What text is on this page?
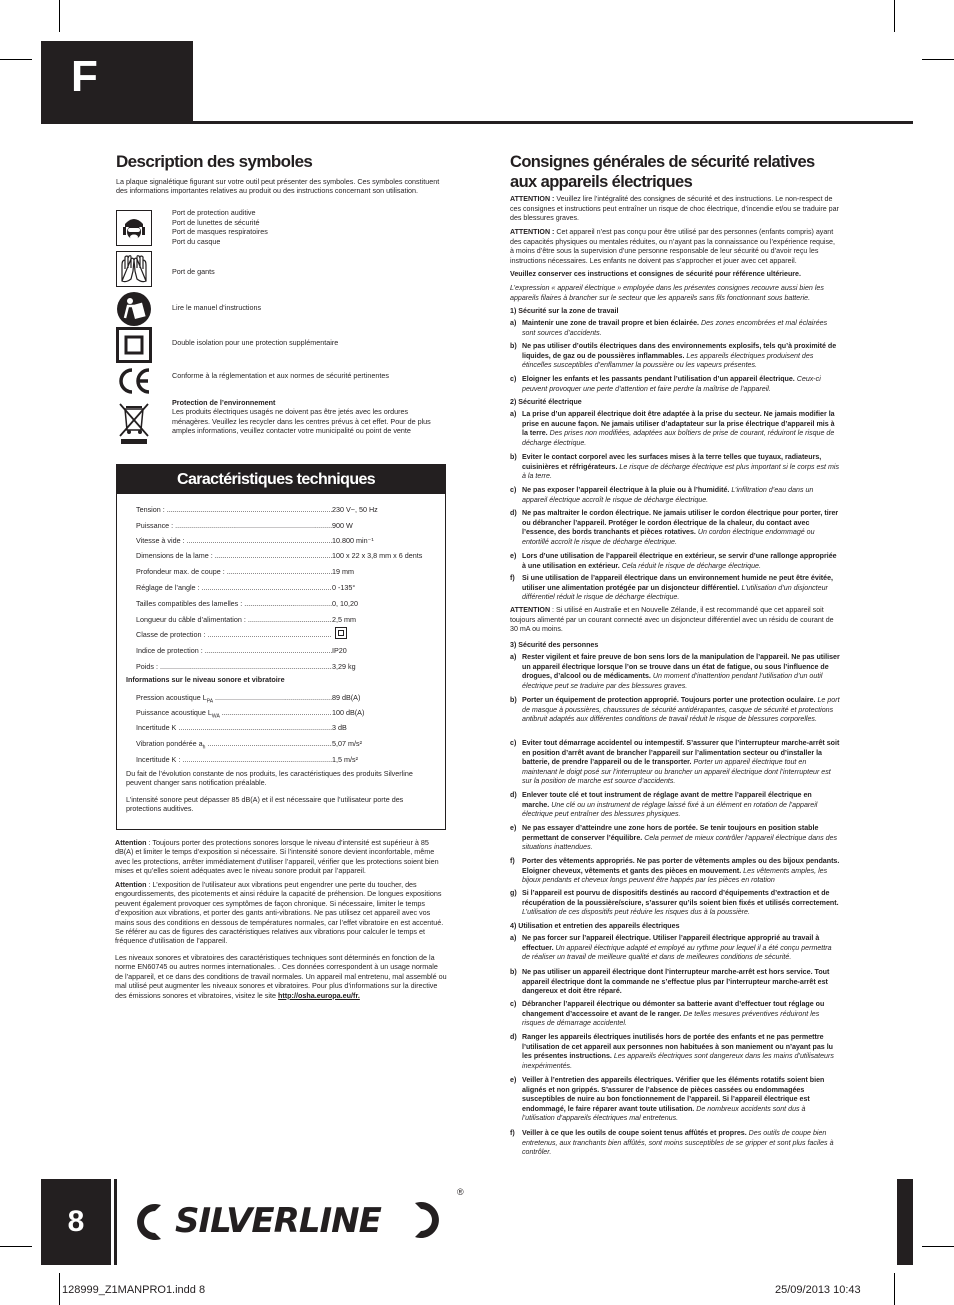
F
Description des symboles
La plaque signalétique figurant sur votre outil peut présenter des symboles. Ces symboles constituent des informations importantes relatives au produit ou des instructions concernant son utilisation.
Port de protection auditive
Port de lunettes de sécurité
Port de masques respiratoires
Port du casque
Port de gants
Lire le manuel d’instructions
Double isolation pour une protection supplémentaire
Conforme à la réglementation et aux normes de sécurité pertinentes
Protection de l’environnement
Les produits électriques usagés ne doivent pas être jetés avec les ordures ménagères. Veuillez les recycler dans les centres prévus à cet effet. Pour de plus amples informations, veuillez contacter votre municipalité ou point de vente
Caractéristiques techniques
Tension : .....	230 V~, 50 Hz
Puissance : .....	900 W
Vitesse à vide : .....	10.800 min⁻¹
Dimensions de la lame : .....	100 x 22 x 3,8 mm x 6 dents
Profondeur max. de coupe : .....	19 mm
Réglage de l’angle : .....	0 -135°
Tailles compatibles des lamelles : .....	0, 10,20
Longueur du câble d’alimentation : .....	2,5 mm
Classe de protection : .....
Indice de protection : .....	IP20
Poids : .....	3,29 kg
Informations sur le niveau sonore et vibratoire
Pression acoustique $L_{PA}$ .....	89 dB(A)
Puissance acoustique $L_{WA}$ .....	100 dB(A)
Incertitude K .....	3 dB
Vibration pondérée $a_h$ .....	5,07 m/s²
Incertitude K : .....	1,5 m/s²
Du fait de l’évolution constante de nos produits, les caractéristiques des produits Silverline peuvent changer sans notification préalable.
L’intensité sonore peut dépasser 85 dB(A) et il est nécessaire que l’utilisateur porte des protections auditives.
Attention : Toujours porter des protections sonores lorsque le niveau d’intensité est supérieur à 85 dB(A) et limiter le temps d’exposition si nécessaire. Si l’intensité sonore devient inconfortable, même avec les protections, arrêter immédiatement d’utiliser l’appareil, vérifier que les protections soient bien mises et qu’elles soient adéquates avec le niveau sonore produit par l’appareil.
Attention : L’exposition de l’utilisateur aux vibrations peut engendrer une perte du toucher, des engourdissements, des picotements et ainsi réduire la capacité de préhension. De longues expositions peuvent également provoquer ces symptômes de façon chronique. Si nécessaire, limiter le temps d’exposition aux vibrations, et porter des gants anti-vibrations. Ne pas utilisez cet appareil avec vos mains sous des conditions en dessous de températures normales, car l’effet vibratoire en est accentué. Se référer au cas de figures des caractéristiques relatives aux vibrations pour calculer le temps et fréquence d’utilisation de l’appareil.
Les niveaux sonores et vibratoires des caractéristiques techniques sont déterminés en fonction de la norme EN60745 ou autres normes internationales. . Ces données correspondent à un usage normale de l’appareil, et ce dans des conditions de travail normales. Un appareil mal entretenu, mal assemblé ou mal utilisé peut augmenter les niveaux sonores et vibratoires. Pour plus d’informations sur la directive des émissions sonores et vibratoires, visitez le site http://osha.europa.eu/fr.
Consignes générales de sécurité relatives aux appareils électriques
ATTENTION : Veuillez lire l’intégralité des consignes de sécurité et des instructions. Le non-respect de ces consignes et instructions peut entraîner un risque de choc électrique, d’incendie et/ou se traduire par des blessures graves.
ATTENTION : Cet appareil n’est pas conçu pour être utilisé par des personnes (enfants compris) ayant des capacités physiques ou mentales réduites, ou n’ayant pas la connaissance ou l’expérience requise, à moins d’être sous la supervision d’une personne responsable de leur sécurité ou d’avoir reçu les instructions nécessaires. Les enfants ne doivent pas s’approcher et jouer avec cet appareil.
Veuillez conserver ces instructions et consignes de sécurité pour référence ultérieure.
L’expression « appareil électrique » employée dans les présentes consignes recouvre aussi bien les appareils filaires à brancher sur le secteur que les appareils sans fils fonctionnant sous batterie.
1) Sécurité sur la zone de travail
a) Maintenir une zone de travail propre et bien éclairée. Des zones encombrées et mal éclairées sont sources d’accidents.
b) Ne pas utiliser d’outils électriques dans des environnements explosifs, tels qu’à proximité de liquides, de gaz ou de poussières inflammables. Les appareils électriques produisent des étincelles susceptibles d’enflammer la poussière ou les vapeurs présentes.
c) Eloigner les enfants et les passants pendant l’utilisation d’un appareil électrique. Ceux-ci peuvent provoquer une perte d’attention et faire perdre la maîtrise de l’appareil.
2) Sécurité électrique
a) La prise d’un appareil électrique doit être adaptée à la prise du secteur. Ne jamais modifier la prise en aucune façon. Ne jamais utiliser d’adaptateur sur la prise électrique d’appareil mis à la terre. Des prises non modifiées, adaptées aux boîtiers de prise de courant, réduiront le risque de décharge électrique.
b) Eviter le contact corporel avec les surfaces mises à la terre telles que tuyaux, radiateurs, cuisinières et réfrigérateurs. Le risque de décharge électrique est plus important si le corps est mis à la terre.
c) Ne pas exposer l’appareil électrique à la pluie ou à l’humidité. L’infiltration d’eau dans un appareil électrique accroît le risque de décharge électrique.
d) Ne pas maltraiter le cordon électrique. Ne jamais utiliser le cordon électrique pour porter, tirer ou débrancher l’appareil. Protéger le cordon électrique de la chaleur, du contact avec l’essence, des bords tranchants et pièces rotatives. Un cordon électrique endommagé ou entortillé accroît le risque de décharge électrique.
e) Lors d’une utilisation de l’appareil électrique en extérieur, se servir d’une rallonge appropriée à une utilisation en extérieur. Cela réduit le risque de décharge électrique.
f) Si une utilisation de l’appareil électrique dans un environnement humide ne peut être évitée, utiliser une alimentation protégée par un disjoncteur différentiel. L’utilisation d’un disjoncteur différentiel réduit le risque de décharge électrique.
ATTENTION : Si utilisé en Australie et en Nouvelle Zélande, il est recommandé que cet appareil soit toujours alimenté par un courant connecté avec un disjoncteur différentiel avec un résidu de courant de 30 mA ou moins.
3) Sécurité des personnes
a) Rester vigilent et faire preuve de bon sens lors de la manipulation de l’appareil. Ne pas utiliser un appareil électrique lorsque l’on se trouve dans un état de fatigue, ou sous l’influence de drogues, d’alcool ou de médicaments. Un moment d’inattention pendant l’utilisation d’un outil électrique peut se traduire par des blessures graves.
b) Porter un équipement de protection approprié. Toujours porter une protection oculaire. Le port de masque à poussières, chaussures de sécurité antidérapantes, casque de sécurité et protections antibruit adaptés aux différentes conditions de travail réduit le risque de blessures corporelles.
c) Eviter tout démarrage accidentel ou intempestif. S’assurer que l’interrupteur marche-arrêt soit en position d’arrêt avant de brancher l’appareil sur l’alimentation secteur ou d’installer la batterie, de prendre l’appareil ou de le transporter. Porter un appareil électrique tout en maintenant le doigt posé sur l’interrupteur ou brancher un appareil électrique dont l’interrupteur est sur la position de marche est source d’accidents.
d) Enlever toute clé et tout instrument de réglage avant de mettre l’appareil électrique en marche. Une clé ou un instrument de réglage laissé fixé à un élément en rotation de l’appareil électrique peut entraîner des blessures physiques.
e) Ne pas essayer d’atteindre une zone hors de portée. Se tenir toujours en position stable permettant de conserver l’équilibre. Cela permet de mieux contrôler l’appareil électrique dans des situations inattendues.
f) Porter des vêtements appropriés. Ne pas porter de vêtements amples ou des bijoux pendants. Eloigner cheveux, vêtements et gants des pièces en mouvement. Les vêtements amples, les bijoux pendants et cheveux longs peuvent être happés par les pièces en rotation
g) Si l’appareil est pourvu de dispositifs destinés au raccord d’équipements d’extraction et de récupération de la poussière/sciure, s’assurer qu’ils soient bien fixés et utilisés correctement. L’utilisation de ces dispositifs peut réduire les risques dus à la poussière.
4) Utilisation et entretien des appareils électriques
a) Ne pas forcer sur l’appareil électrique. Utiliser l’appareil électrique approprié au travail à effectuer. Un appareil électrique adapté et employé au rythme pour lequel il a été conçu permettra de réaliser un travail de meilleure qualité et dans de meilleures conditions de sécurité.
b) Ne pas utiliser un appareil électrique dont l’interrupteur marche-arrêt est hors service. Tout appareil électrique dont la commande ne s’effectue plus par l’interrupteur marche-arrêt est dangereux et doit être réparé.
c) Débrancher l’appareil électrique ou démonter sa batterie avant d’effectuer tout réglage ou changement d’accessoire et avant de le ranger. De telles mesures préventives réduiront les risques de démarrage accidentel.
d) Ranger les appareils électriques inutilisés hors de portée des enfants et ne pas permettre l’utilisation de cet appareil aux personnes non habituées à son maniement ou n’ayant pas lu les présentes instructions. Les appareils électriques sont dangereux dans les mains d’utilisateurs inexpérimentés.
e) Veiller à l’entretien des appareils électriques. Vérifier que les éléments rotatifs soient bien alignés et non grippés. S’assurer de l’absence de pièces cassées ou endommagées susceptibles de nuire au bon fonctionnement de l’appareil. Si l’appareil électrique est endommagé, le faire réparer avant toute utilisation. De nombreux accidents sont dus à l’utilisation d’appareils électriques mal entretenus.
f) Veiller à ce que les outils de coupe soient tenus affûtés et propres. Des outils de coupe bien entretenus, aux tranchants bien affûtés, sont moins susceptibles de se gripper et sont plus faciles à contrôler.
8	SILVERLINE
®
128999_Z1MANPRO1.indd 8	25/09/2013 10:43
